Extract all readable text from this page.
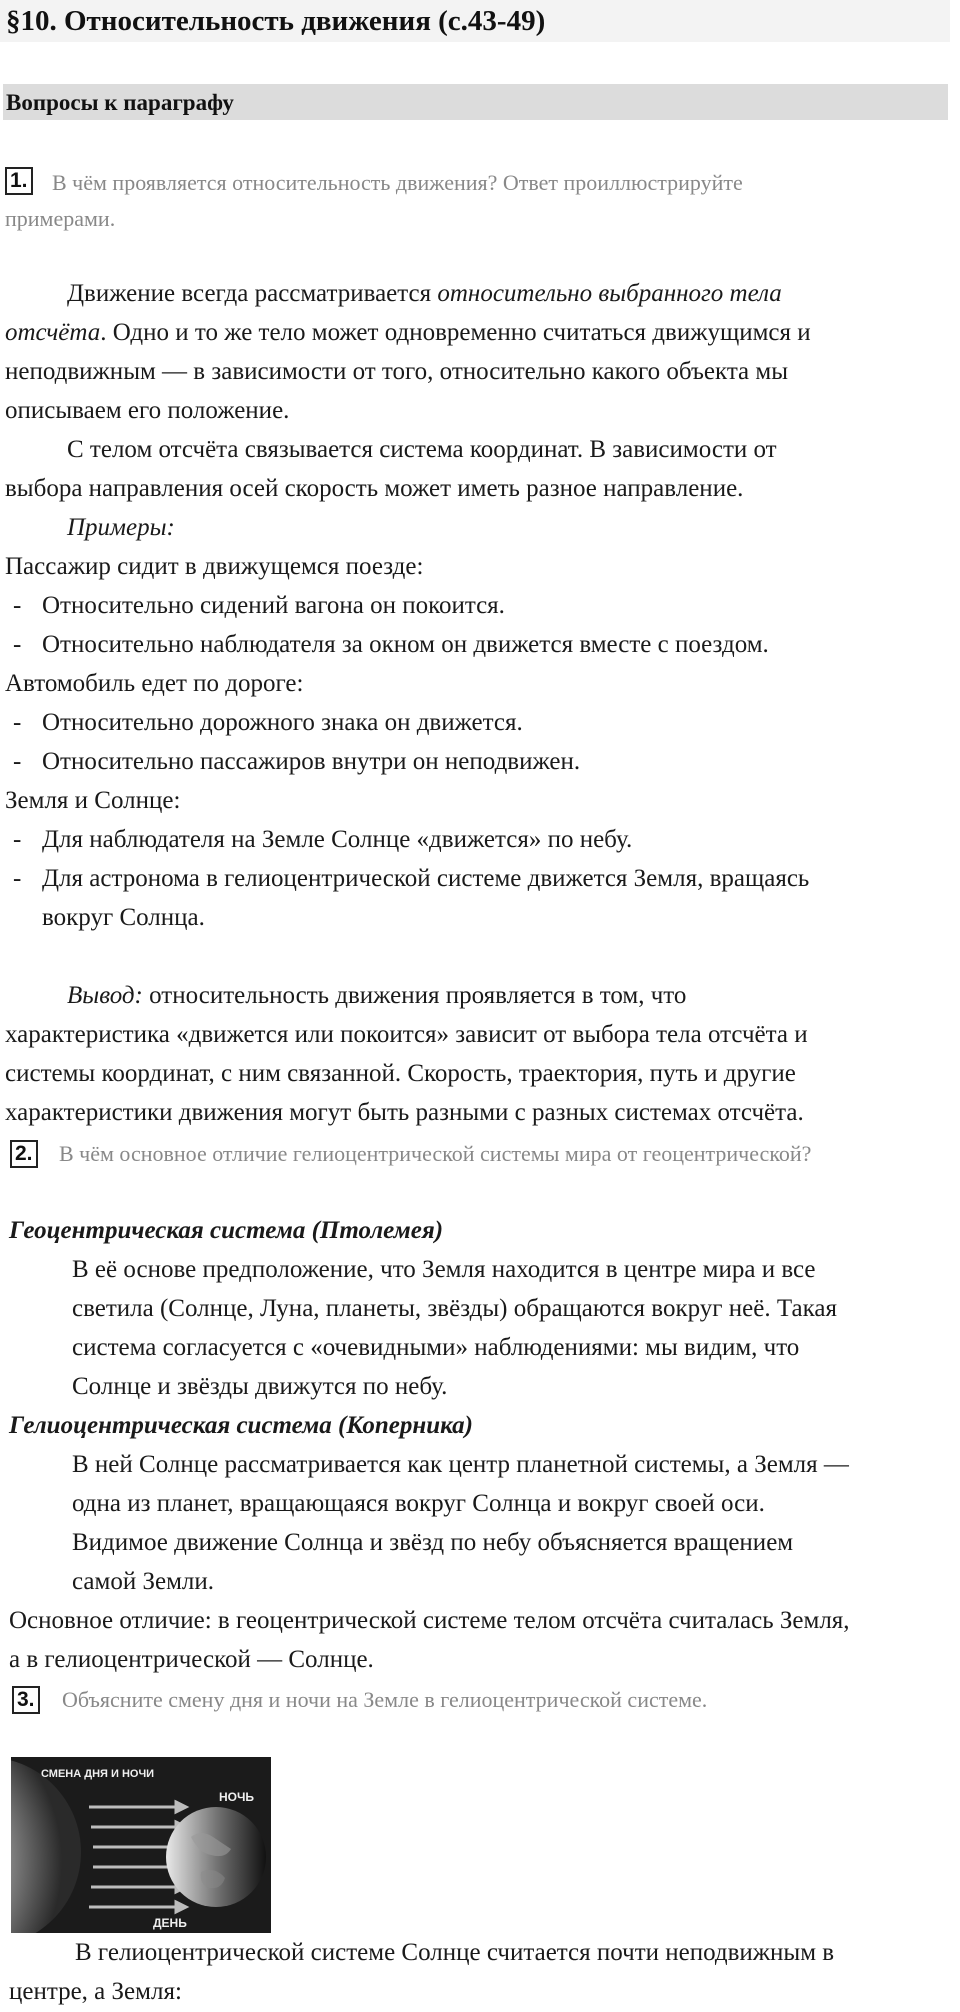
§10. Относительность движения (с.43-49)
Вопросы к параграфу
1. В чём проявляется относительность движения? Ответ проиллюстрируйте
примерами.
Движение всегда рассматривается относительно выбранного тела
отсчёта. Одно и то же тело может одновременно считаться движущимся и
неподвижным — в зависимости от того, относительно какого объекта мы
описываем его положение.
С телом отсчёта связывается система координат. В зависимости от
выбора направления осей скорость может иметь разное направление.
Примеры:
Пассажир сидит в движущемся поезде:
- Относительно сидений вагона он покоится.
- Относительно наблюдателя за окном он движется вместе с поездом.
Автомобиль едет по дороге:
- Относительно дорожного знака он движется.
- Относительно пассажиров внутри он неподвижен.
Земля и Солнце:
- Для наблюдателя на Земле Солнце «движется» по небу.
- Для астронома в гелиоцентрической системе движется Земля, вращаясь
вокруг Солнца.
Вывод: относительность движения проявляется в том, что
характеристика «движется или покоится» зависит от выбора тела отсчёта и
системы координат, с ним связанной. Скорость, траектория, путь и другие
характеристики движения могут быть разными с разных системах отсчёта.
2. В чём основное отличие гелиоцентрической системы мира от геоцентрической?
Геоцентрическая система (Птолемея)
В её основе предположение, что Земля находится в центре мира и все
светила (Солнце, Луна, планеты, звёзды) обращаются вокруг неё. Такая
система согласуется с «очевидными» наблюдениями: мы видим, что
Солнце и звёзды движутся по небу.
Гелиоцентрическая система (Коперника)
В ней Солнце рассматривается как центр планетной системы, а Земля —
одна из планет, вращающаяся вокруг Солнца и вокруг своей оси.
Видимое движение Солнца и звёзд по небу объясняется вращением
самой Земли.
Основное отличие: в геоцентрической системе телом отсчёта считалась Земля,
а в гелиоцентрической — Солнце.
3. Объясните смену дня и ночи на Земле в гелиоцентрической системе.
СМЕНА ДНЯ И НОЧИ
НОЧЬ
ДЕНЬ
В гелиоцентрической системе Солнце считается почти неподвижным в
центре, а Земля:
